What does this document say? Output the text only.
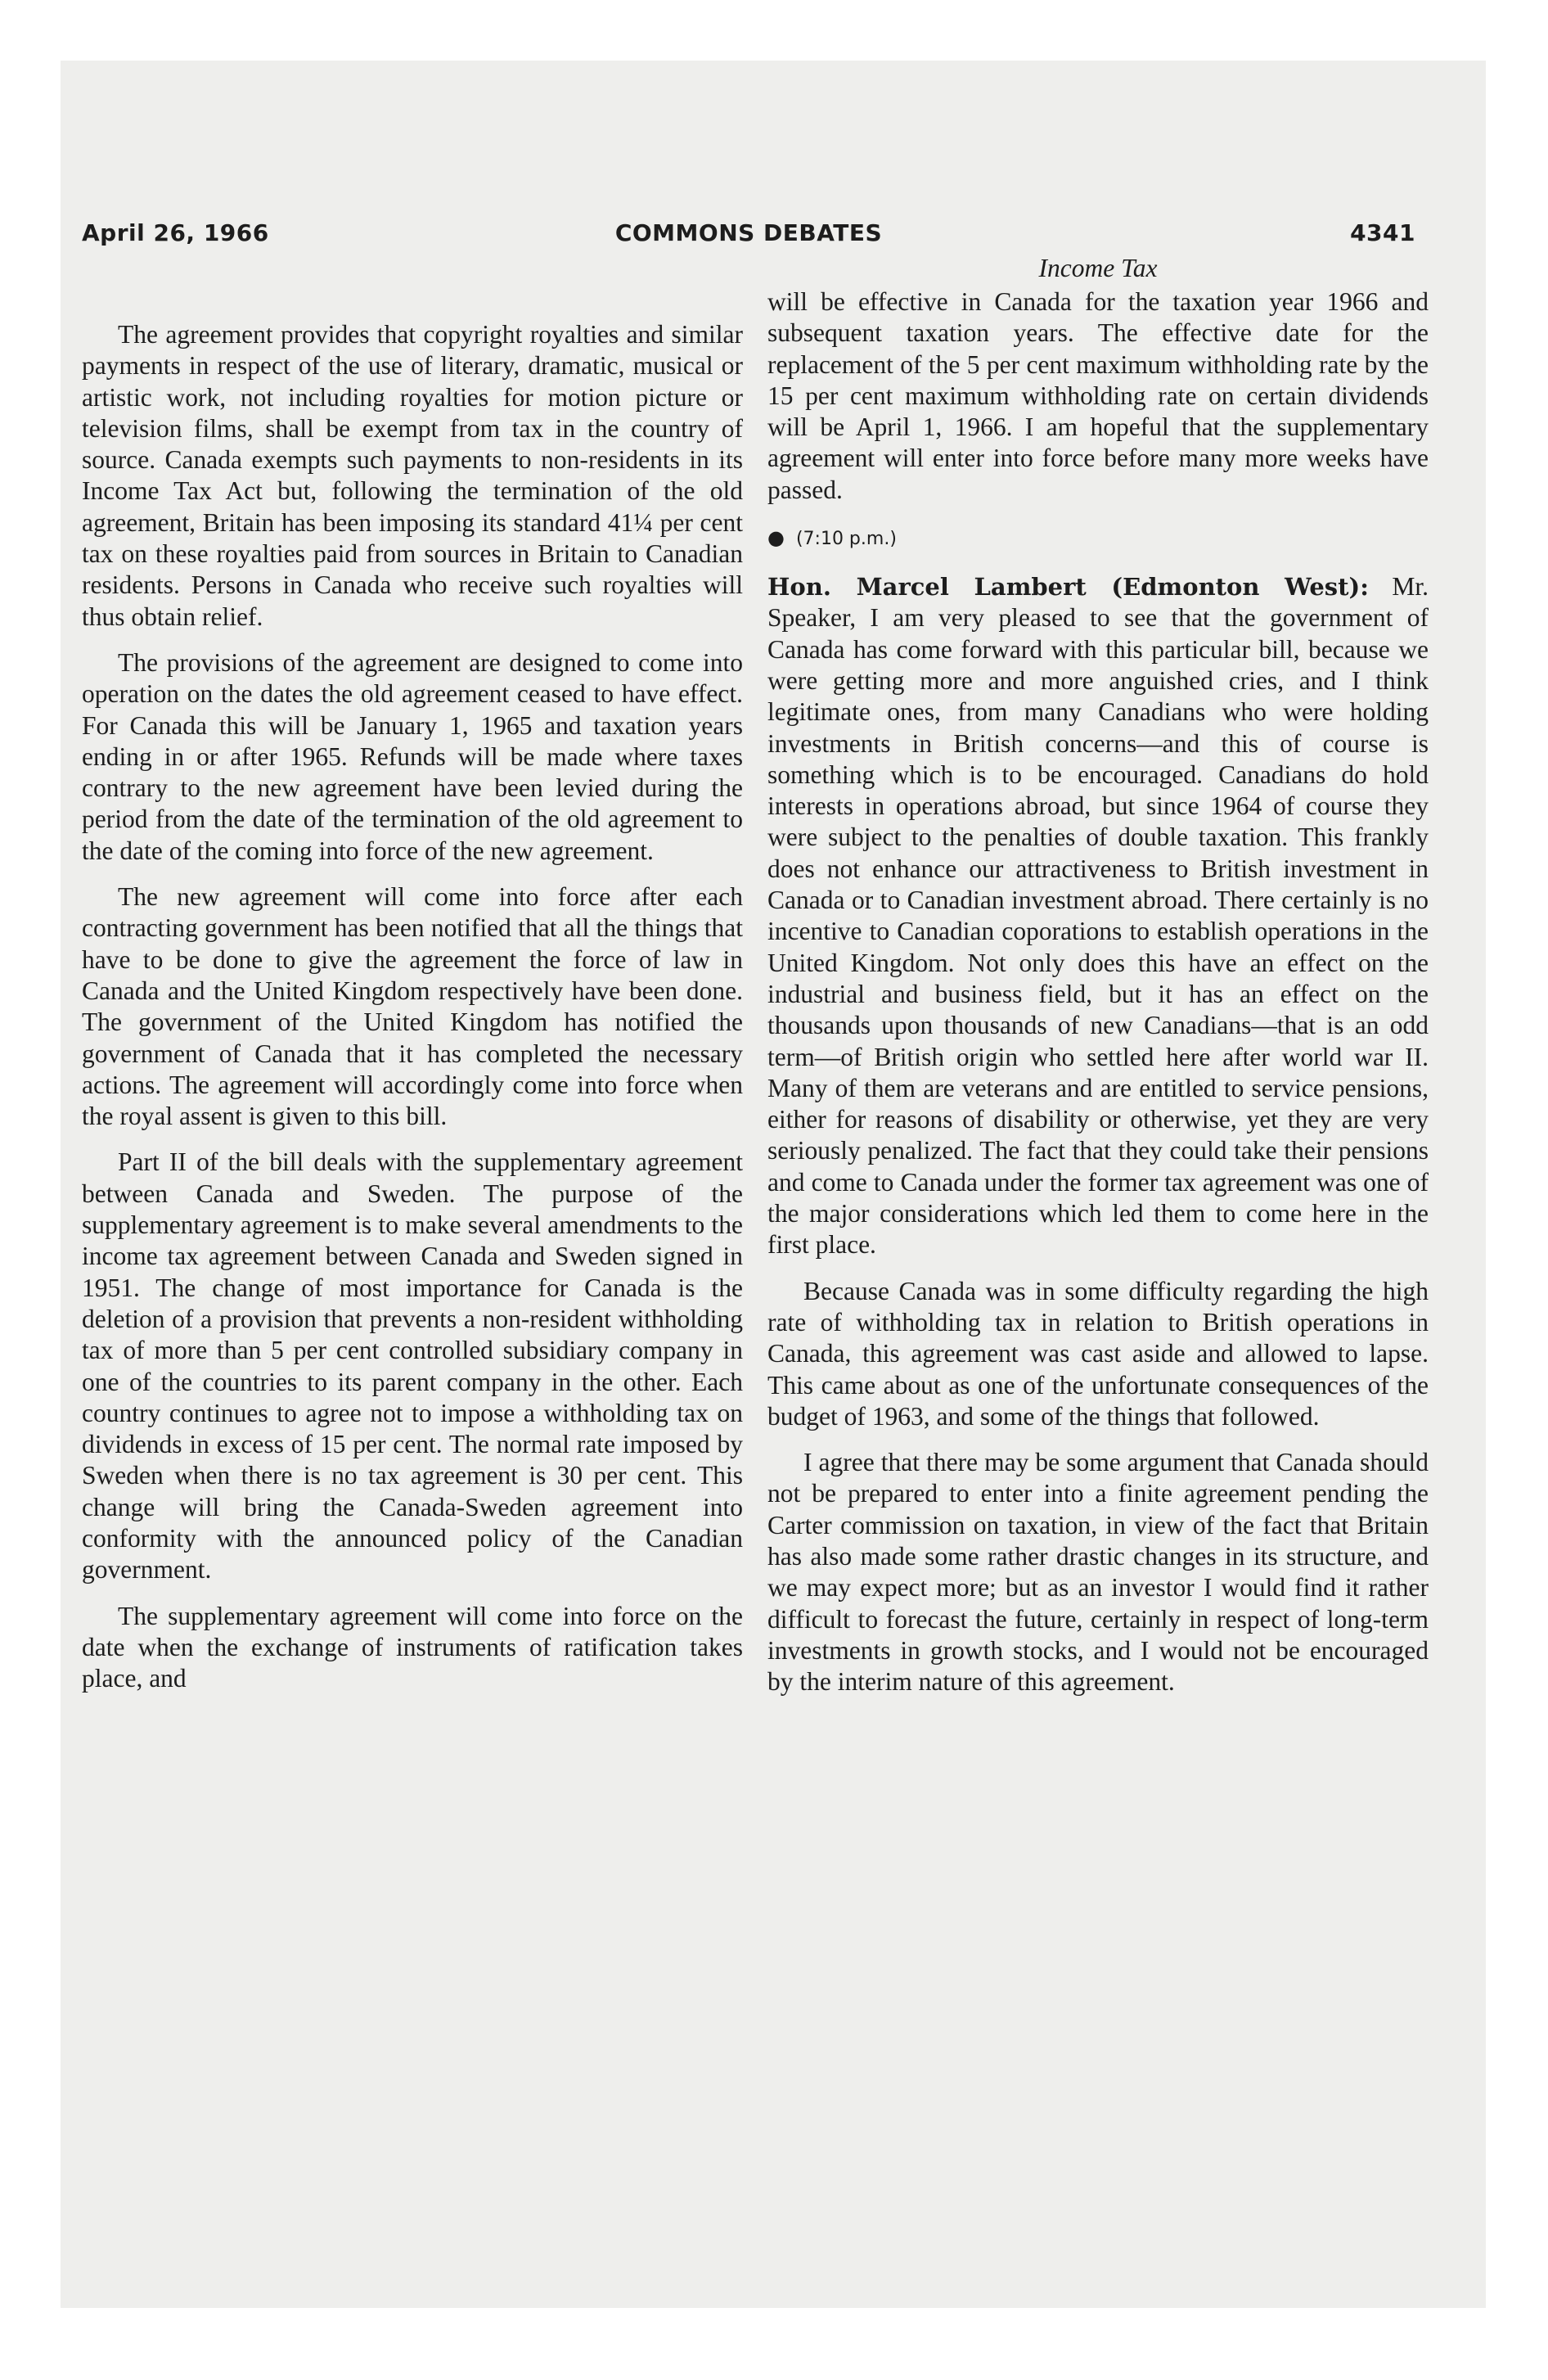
April 26, 1966	COMMONS DEBATES	4341

The agreement provides that copyright royalties and similar payments in respect of the use of literary, dramatic, musical or artistic work, not including royalties for motion picture or television films, shall be exempt from tax in the country of source. Canada exempts such payments to non-residents in its Income Tax Act but, following the termination of the old agreement, Britain has been imposing its standard 41¼ per cent tax on these royalties paid from sources in Britain to Canadian residents. Persons in Canada who receive such royalties will thus obtain relief.

The provisions of the agreement are designed to come into operation on the dates the old agreement ceased to have effect. For Canada this will be January 1, 1965 and taxation years ending in or after 1965. Refunds will be made where taxes contrary to the new agreement have been levied during the period from the date of the termination of the old agreement to the date of the coming into force of the new agreement.

The new agreement will come into force after each contracting government has been notified that all the things that have to be done to give the agreement the force of law in Canada and the United Kingdom respectively have been done. The government of the United Kingdom has notified the government of Canada that it has completed the necessary actions. The agreement will accordingly come into force when the royal assent is given to this bill.

Part II of the bill deals with the supplementary agreement between Canada and Sweden. The purpose of the supplementary agreement is to make several amendments to the income tax agreement between Canada and Sweden signed in 1951. The change of most importance for Canada is the deletion of a provision that prevents a non-resident withholding tax of more than 5 per cent controlled subsidiary company in one of the countries to its parent company in the other. Each country continues to agree not to impose a withholding tax on dividends in excess of 15 per cent. The normal rate imposed by Sweden when there is no tax agreement is 30 per cent. This change will bring the Canada-Sweden agreement into conformity with the announced policy of the Canadian government.

The supplementary agreement will come into force on the date when the exchange of instruments of ratification takes place, and

Income Tax

will be effective in Canada for the taxation year 1966 and subsequent taxation years. The effective date for the replacement of the 5 per cent maximum withholding rate by the 15 per cent maximum withholding rate on certain dividends will be April 1, 1966. I am hopeful that the supplementary agreement will enter into force before many more weeks have passed.

● (7:10 p.m.)

Hon. Marcel Lambert (Edmonton West): Mr. Speaker, I am very pleased to see that the government of Canada has come forward with this particular bill, because we were getting more and more anguished cries, and I think legitimate ones, from many Canadians who were holding investments in British concerns—and this of course is something which is to be encouraged. Canadians do hold interests in operations abroad, but since 1964 of course they were subject to the penalties of double taxation. This frankly does not enhance our attractiveness to British investment in Canada or to Canadian investment abroad. There certainly is no incentive to Canadian coporations to establish operations in the United Kingdom. Not only does this have an effect on the industrial and business field, but it has an effect on the thousands upon thousands of new Canadians—that is an odd term—of British origin who settled here after world war II. Many of them are veterans and are entitled to service pensions, either for reasons of disability or otherwise, yet they are very seriously penalized. The fact that they could take their pensions and come to Canada under the former tax agreement was one of the major considerations which led them to come here in the first place.

Because Canada was in some difficulty regarding the high rate of withholding tax in relation to British operations in Canada, this agreement was cast aside and allowed to lapse. This came about as one of the unfortunate consequences of the budget of 1963, and some of the things that followed.

I agree that there may be some argument that Canada should not be prepared to enter into a finite agreement pending the Carter commission on taxation, in view of the fact that Britain has also made some rather drastic changes in its structure, and we may expect more; but as an investor I would find it rather difficult to forecast the future, certainly in respect of long-term investments in growth stocks, and I would not be encouraged by the interim nature of this agreement.
